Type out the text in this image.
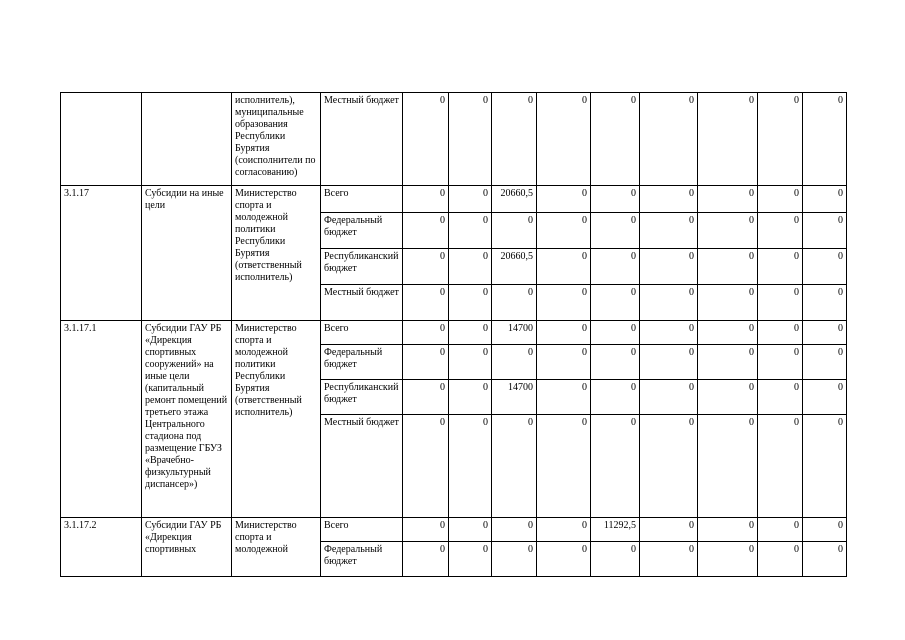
		исполнитель), муниципальные образования Республики Бурятия (соисполнители по согласованию)	Местный бюджет	0	0	0	0	0	0	0	0	0
3.1.17	Субсидии на иные цели	Министерство спорта и молодежной политики Республики Бурятия (ответственный исполнитель)	Всего	0	0	20660,5	0	0	0	0	0	0
			Федеральный бюджет	0	0	0	0	0	0	0	0	0
			Республиканский бюджет	0	0	20660,5	0	0	0	0	0	0
			Местный бюджет	0	0	0	0	0	0	0	0	0
3.1.17.1	Субсидии ГАУ РБ «Дирекция спортивных сооружений» на иные цели (капитальный ремонт помещений третьего этажа Центрального стадиона под размещение ГБУЗ «Врачебно-физкультурный диспансер»)	Министерство спорта и молодежной политики Республики Бурятия (ответственный исполнитель)	Всего	0	0	14700	0	0	0	0	0	0
			Федеральный бюджет	0	0	0	0	0	0	0	0	0
			Республиканский бюджет	0	0	14700	0	0	0	0	0	0
			Местный бюджет	0	0	0	0	0	0	0	0	0
3.1.17.2	Субсидии ГАУ РБ «Дирекция спортивных	Министерство спорта и молодежной	Всего	0	0	0	0	11292,5	0	0	0	0
			Федеральный бюджет	0	0	0	0	0	0	0	0	0
